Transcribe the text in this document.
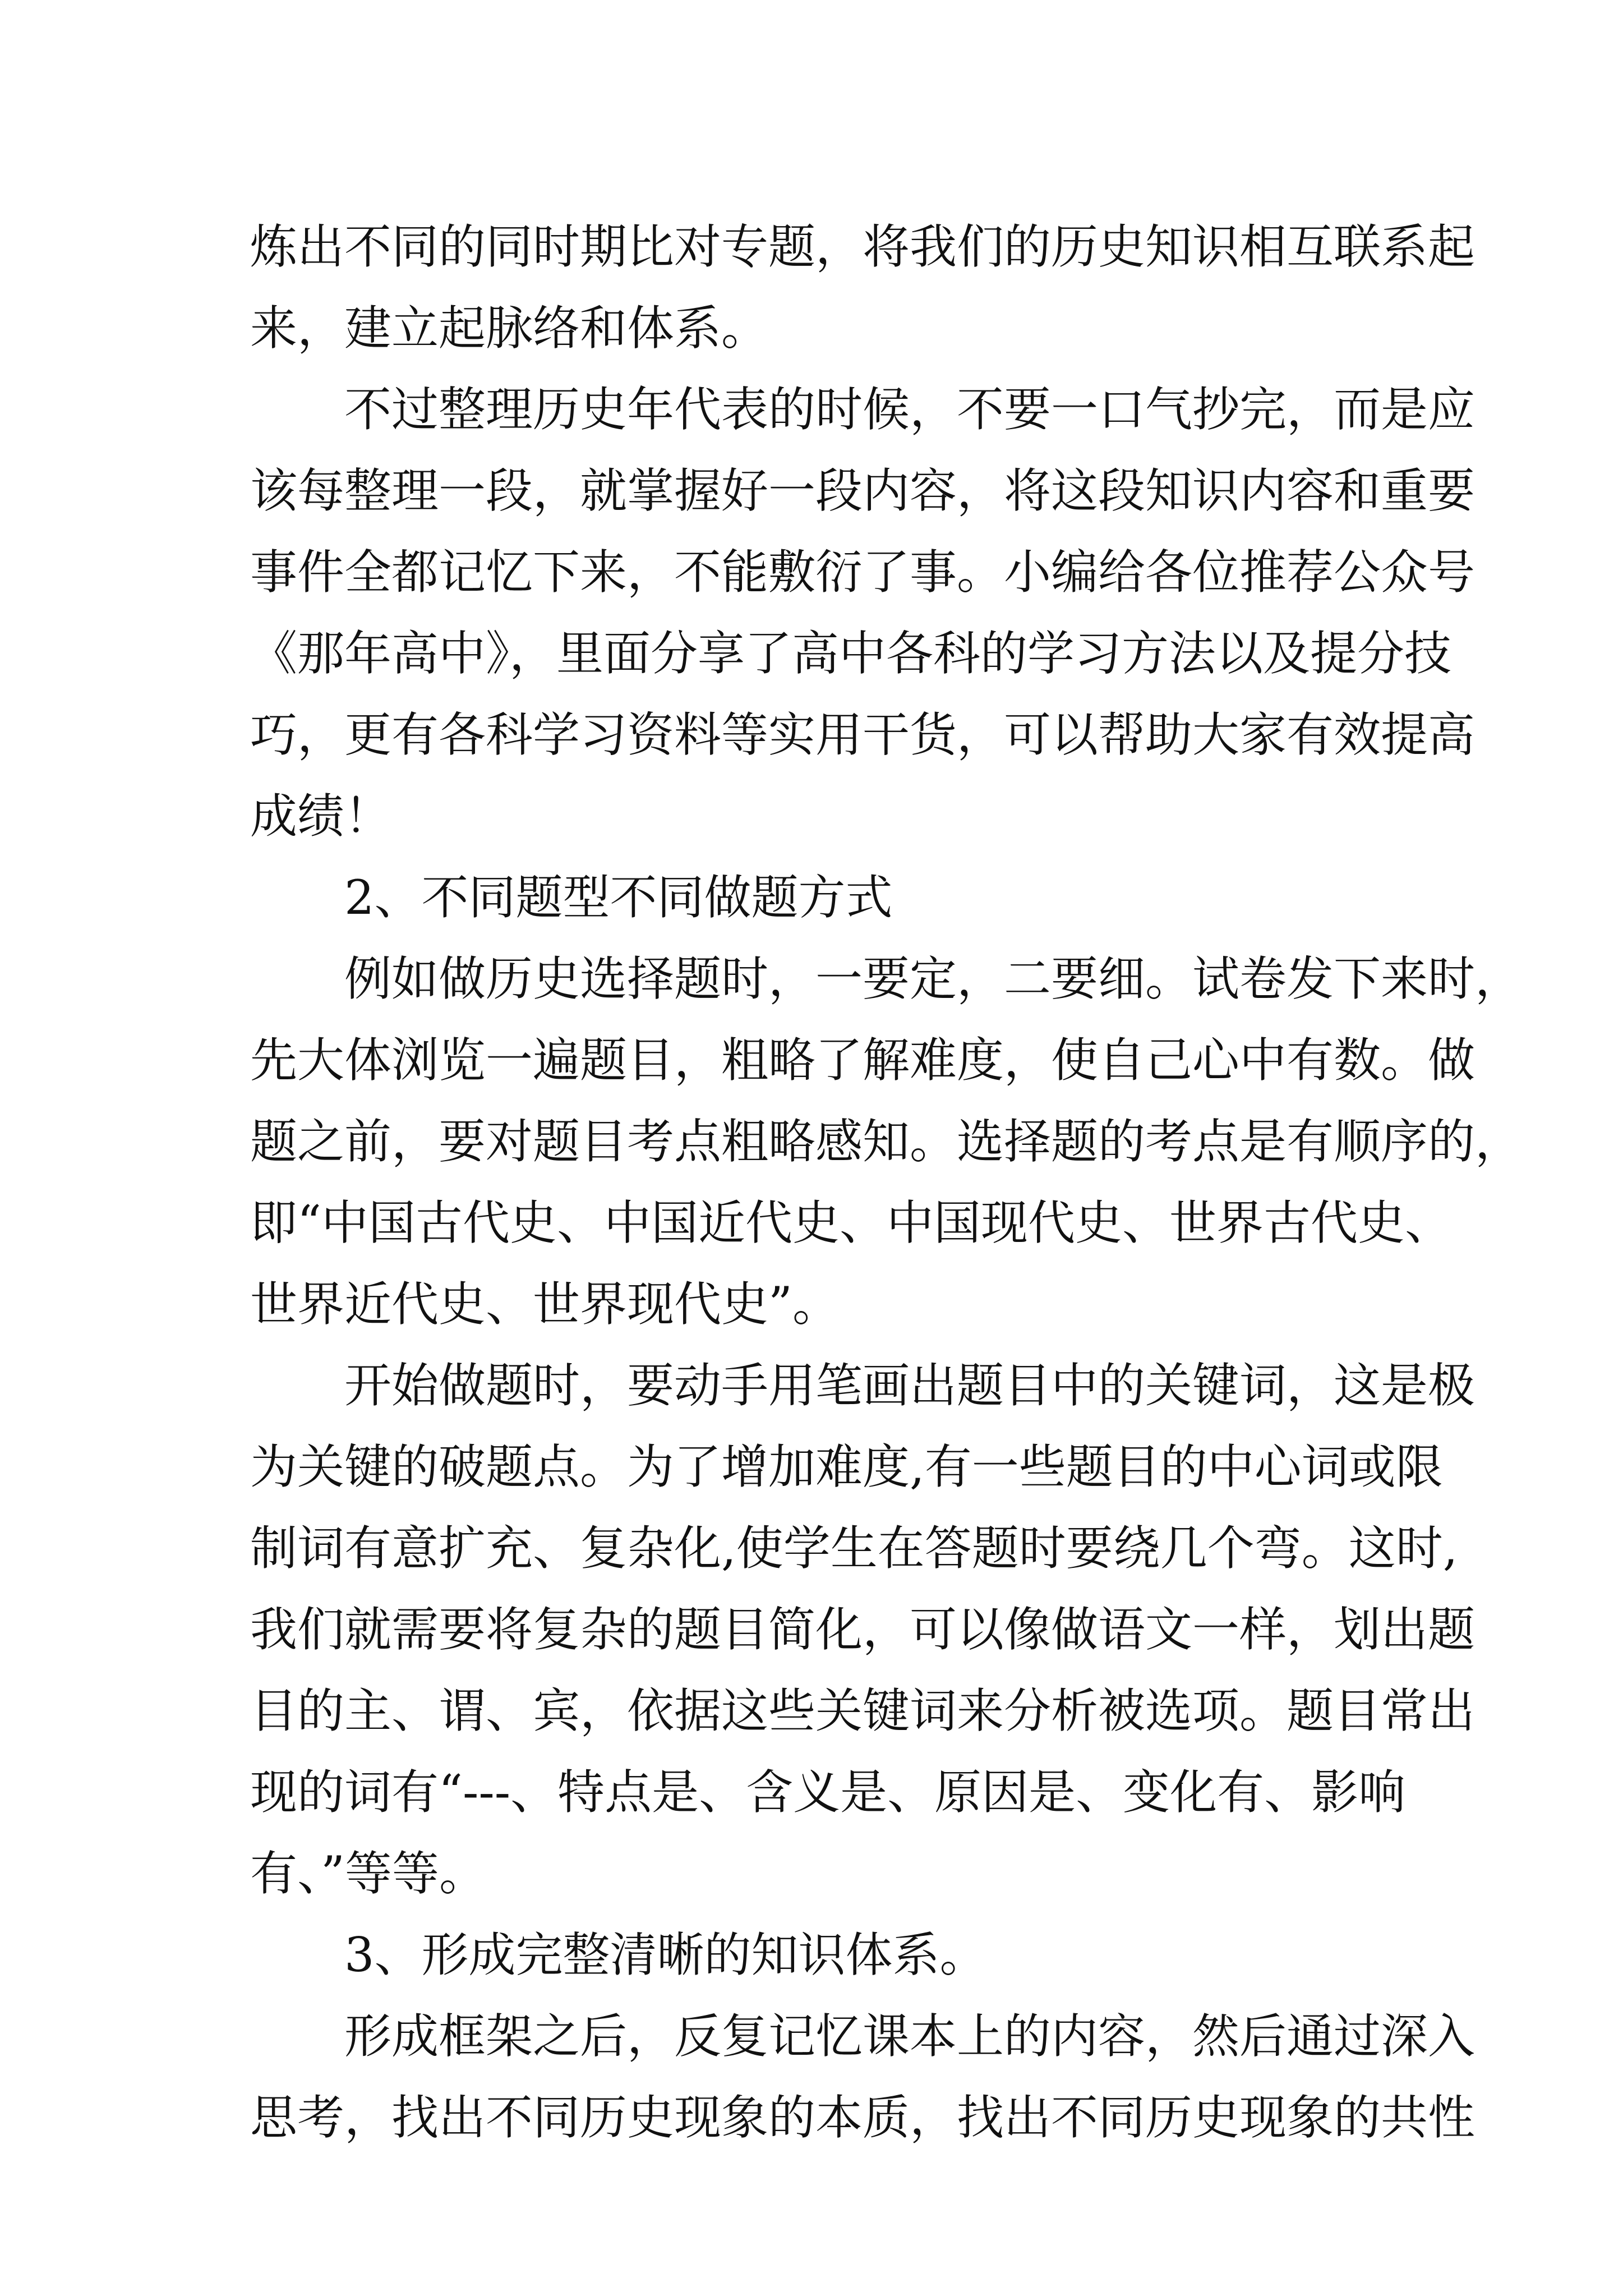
炼出不同的同时期比对专题，将我们的历史知识相互联系起
来，建立起脉络和体系。
不过整理历史年代表的时候，不要一口气抄完，而是应
该每整理一段，就掌握好一段内容，将这段知识内容和重要
事件全都记忆下来，不能敷衍了事。小编给各位推荐公众号
《那年高中》，里面分享了高中各科的学习方法以及提分技
巧，更有各科学习资料等实用干货，可以帮助大家有效提高
成绩！
2、不同题型不同做题方式
例如做历史选择题时，一要定，二要细。试卷发下来时，
先大体浏览一遍题目，粗略了解难度，使自己心中有数。做
题之前，要对题目考点粗略感知。选择题的考点是有顺序的，
即“中国古代史、中国近代史、中国现代史、世界古代史、
世界近代史、世界现代史”。
开始做题时，要动手用笔画出题目中的关键词，这是极
为关键的破题点。为了增加难度,有一些题目的中心词或限
制词有意扩充、复杂化,使学生在答题时要绕几个弯。这时,
我们就需要将复杂的题目简化，可以像做语文一样，划出题
目的主、谓、宾，依据这些关键词来分析被选项。题目常出
现的词有“---、特点是、含义是、原因是、变化有、影响
有、”等等。
3、形成完整清晰的知识体系。
形成框架之后，反复记忆课本上的内容，然后通过深入
思考，找出不同历史现象的本质，找出不同历史现象的共性
